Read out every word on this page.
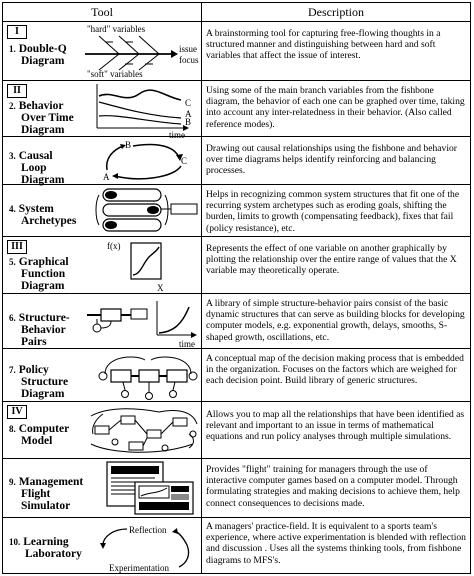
Tool	Description
I
II
III
IV
1. Double-Q
Diagram
"hard" variables
"soft" variables
issue
focus
A brainstorming tool for capturing free-flowing thoughts in a structured manner and distinguishing between hard and soft variables that affect the issue of interest.
2. Behavior
Over Time
Diagram
C
A
B
time
Using some of the main branch variables from the fishbone diagram, the behavior of each one can be graphed over time, taking into account any inter-relatedness in their behavior. (Also called reference modes).
3. Causal
Loop
Diagram
B
C
A
Drawing out causal relationships using the fishbone and behavior over time diagrams helps identify reinforcing and balancing processes.
4. System
Archetypes
Helps in recognizing common system structures that fit one of the recurring system archetypes such as eroding goals, shifting the burden, limits to growth (compensating feedback), fixes that fail (policy resistance), etc.
5. Graphical
Function
Diagram
f(x)
X
Represents the effect of one variable on another graphically by plotting the relationship over the entire range of values that the X variable may theoretically operate.
6. Structure-
Behavior
Pairs	time
A library of simple structure-behavior pairs consist of the basic dynamic structures that can serve as building blocks for developing computer models, e.g. exponential growth, delays, smooths, S-shaped growth, oscillations, etc.
7. Policy
Structure
Diagram
A conceptual map of the decision making process that is embedded in the organization. Focuses on the factors which are weighed for each decision point. Build library of generic structures.
8. Computer
Model
Allows you to map all the relationships that have been identified as relevant and important to an issue in terms of mathematical equations and run policy analyses through multiple simulations.
9. Management
Flight
Simulator
Provides "flight" training for managers through the use of interactive computer games based on a computer model. Through formulating strategies and making decisions to achieve them, help connect consequences to decisions made.
10. Learning
Laboratory
Reflection
Experimentation
A managers' practice-field. It is equivalent to a sports team's experience, where active experimentation is blended with reflection and discussion . Uses all the systems thinking tools, from fishbone diagrams to MFS's.
